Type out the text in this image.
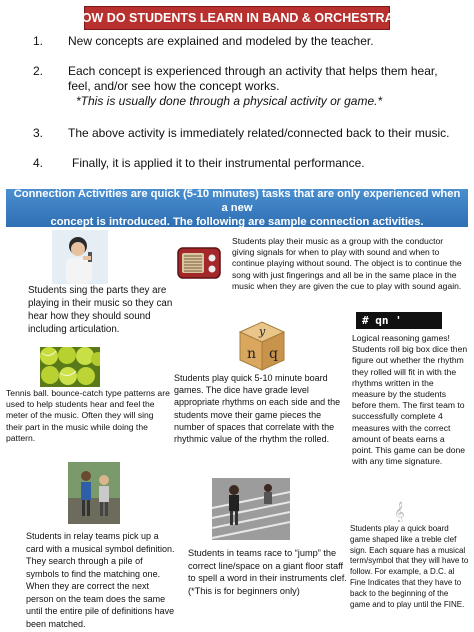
HOW DO STUDENTS LEARN IN BAND & ORCHESTRA?
1. New concepts are explained and modeled by the teacher.
2. Each concept is experienced through an activity that helps them hear, feel, and/or see how the concept works.
*This is usually done through a physical activity or game.*
3. The above activity is immediately related/connected back to their music.
4. Finally, it is applied it to their instrumental performance.
Connection Activities are quick (5-10 minutes) tasks that are only experienced when a new
concept is introduced. The following are sample connection activities.
Students sing the parts they are playing in their music so they can hear how they should sound including articulation.
Students play their music as a group with the conductor giving signals for when to play with sound and when to continue playing without sound. The object is to continue the song with just fingerings and all be in the same place in the music when they are given the cue to play with sound again.
# qn '
Logical reasoning games! Students roll big box dice then figure out whether the rhythm they rolled will fit in with the rhythms written in the measure by the students before them. The first team to successfully complete 4 measures with the correct amount of beats earns a point. This game can be done with any time signature.
y
n q
Students play quick 5-10 minute board games. The dice have grade level appropriate rhythms on each side and the students move their game pieces the number of spaces that correlate with the rhythmic value of the rhythm the rolled.
Tennis ball. bounce-catch type patterns are used to help students hear and feel the meter of the music. Often they will sing their part in the music while doing the pattern.
Students in relay teams pick up a card with a musical symbol definition. They search through a pile of symbols to find the matching one. When they are correct the next person on the team does the same until the entire pile of definitions have been matched.
Students in teams race to “jump” the correct line/space on a giant floor staff to spell a word in their instruments clef. (*This is for beginners only)
𝄞
Students play a quick board game shaped like a treble clef sign. Each square has a musical term/symbol that they will have to follow. For example, a D.C. al Fine Indicates that they have to back to the beginning of the game and to play until the FINE.
